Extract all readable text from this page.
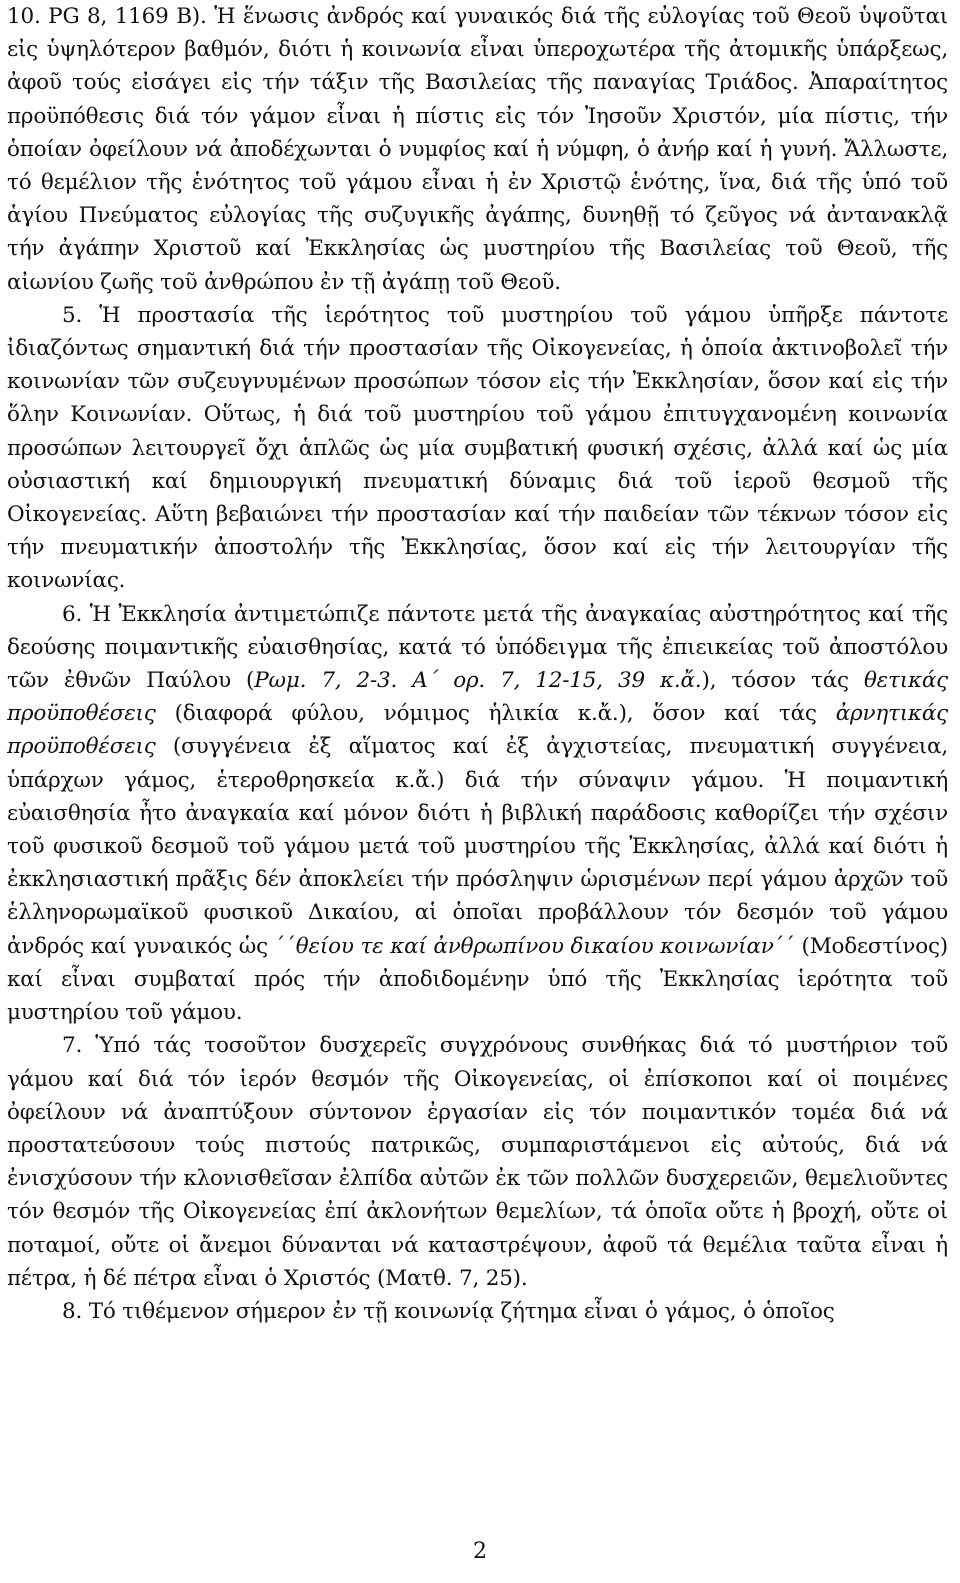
10. PG 8, 1169 B). Ἡ ἕνωσις ἀνδρός καί γυναικός διά τῆς εὐλογίας τοῦ Θεοῦ ὑψοῦται εἰς ὑψηλότερον βαθμόν, διότι ἡ κοινωνία εἶναι ὑπερoχωτέρα τῆς ἀτομικῆς ὑπάρξεως, ἀφοῦ τούς εἰσάγει εἰς τήν τάξιν τῆς Βασιλείας τῆς παναγίας Τριάδος. Ἀπαραίτητος προϋπόθεσις διά τόν γάμον εἶναι ἡ πίστις εἰς τόν Ἰησοῦν Χριστόν, μία πίστις, τήν ὁποίαν ὀφείλουν νά ἀποδέχωνται ὁ νυμφίος καί ἡ νύμφη, ὁ ἀνήρ καί ἡ γυνή. Ἄλλωστε, τό θεμέλιον τῆς ἑνότητος τοῦ γάμου εἶναι ἡ ἐν Χριστῷ ἑνότης, ἵνα, διά τῆς ὑπό τοῦ ἁγίου Πνεύματος εὐλογίας τῆς συζυγικῆς ἀγάπης, δυνηθῇ τό ζεῦγος νά ἀντανακλᾷ τήν ἀγάπην Χριστοῦ καί Ἐκκλησίας ὡς μυστηρίου τῆς Βασιλείας τοῦ Θεοῦ, τῆς αἰωνίου ζωῆς τοῦ ἀνθρώπου ἐν τῇ ἀγάπῃ τοῦ Θεοῦ.

5. Ἡ προστασία τῆς ἱερότητος τοῦ μυστηρίου τοῦ γάμου ὑπῆρξε πάντοτε ἰδιαζόντως σημαντική διά τήν προστασίαν τῆς Οἰκογενείας, ἡ ὁποία ἀκτινοβολεῖ τήν κοινωνίαν τῶν συζευγνυμένων προσώπων τόσον εἰς τήν Ἐκκλησίαν, ὅσον καί εἰς τήν ὅλην Κοινωνίαν. Οὕτως, ἡ διά τοῦ μυστηρίου τοῦ γάμου ἐπιτυγχανομένη κοινωνία προσώπων λειτουργεῖ ὄχι ἁπλῶς ὡς μία συμβατική φυσική σχέσις, ἀλλά καί ὡς μία οὐσιαστική καί δημιουργική πνευματική δύναμις διά τοῦ ἱεροῦ θεσμοῦ τῆς Οἰκογενείας. Αὕτη βεβαιώνει τήν προστασίαν καί τήν παιδείαν τῶν τέκνων τόσον εἰς τήν πνευματικήν ἀποστολήν τῆς Ἐκκλησίας, ὅσον καί εἰς τήν λειτουργίαν τῆς κοινωνίας.

6. Ἡ Ἐκκλησία ἀντιμετώπιζε πάντοτε μετά τῆς ἀναγκαίας αὐστηρότητος καί τῆς δεούσης ποιμαντικῆς εὐαισθησίας, κατά τό ὑπόδειγμα τῆς ἐπιεικείας τοῦ ἀποστόλου τῶν ἐθνῶν Παύλου (Ρωμ. 7, 2-3. Α΄ ορ. 7, 12-15, 39 κ.ἄ.), τόσον τάς θετικάς προϋποθέσεις (διαφορά φύλου, νόμιμος ἡλικία κ.ἄ.), ὅσον καί τάς ἀρνητικάς προϋποθέσεις (συγγένεια ἐξ αἵματος καί ἐξ ἀγχιστείας, πνευματική συγγένεια, ὑπάρχων γάμος, ἑτεροθρησκεία κ.ἄ.) διά τήν σύναψιν γάμου. Ἡ ποιμαντική εὐαισθησία ἦτο ἀναγκαία καί μόνον διότι ἡ βιβλική παράδοσις καθορίζει τήν σχέσιν τοῦ φυσικοῦ δεσμοῦ τοῦ γάμου μετά τοῦ μυστηρίου τῆς Ἐκκλησίας, ἀλλά καί διότι ἡ ἐκκλησιαστική πρᾶξις δέν ἀποκλείει τήν πρόσληψιν ὡρισμένων περί γάμου ἀρχῶν τοῦ ἑλληνορωμαϊκοῦ φυσικοῦ Δικαίου, αἱ ὁποῖαι προβάλλουν τόν δεσμόν τοῦ γάμου ἀνδρός καί γυναικός ὡς ΄΄θείου τε καί ἀνθρωπίνου δικαίου κοινωνίαν΄΄ (Μοδεστίνος) καί εἶναι συμβαταί πρός τήν ἀποδιδομένην ὑπό τῆς Ἐκκλησίας ἱερότητα τοῦ μυστηρίου τοῦ γάμου.

7. Ὑπό τάς τοσοῦτον δυσχερεῖς συγχρόνους συνθήκας διά τό μυστήριον τοῦ γάμου καί διά τόν ἱερόν θεσμόν τῆς Οἰκογενείας, οἱ ἐπίσκοποι καί οἱ ποιμένες ὀφείλουν νά ἀναπτύξουν σύντονον ἐργασίαν εἰς τόν ποιμαντικόν τομέα διά νά προστατεύσουν τούς πιστούς πατρικῶς, συμπαριστάμενοι εἰς αὐτούς, διά νά ἐνισχύσουν τήν κλονισθεῖσαν ἐλπίδα αὐτῶν ἐκ τῶν πολλῶν δυσχερειῶν, θεμελιοῦντες τόν θεσμόν τῆς Οἰκογενείας ἐπί ἀκλονήτων θεμελίων, τά ὁποῖα οὔτε ἡ βροχή, οὔτε οἱ ποταμοί, οὔτε οἱ ἄνεμοι δύνανται νά καταστρέψουν, ἀφοῦ τά θεμέλια ταῦτα εἶναι ἡ πέτρα, ἡ δέ πέτρα εἶναι ὁ Χριστός (Ματθ. 7, 25).

8. Τό τιθέμενον σήμερον ἐν τῇ κοινωνίᾳ ζήτημα εἶναι ὁ γάμος, ὁ ὁποῖος

2
